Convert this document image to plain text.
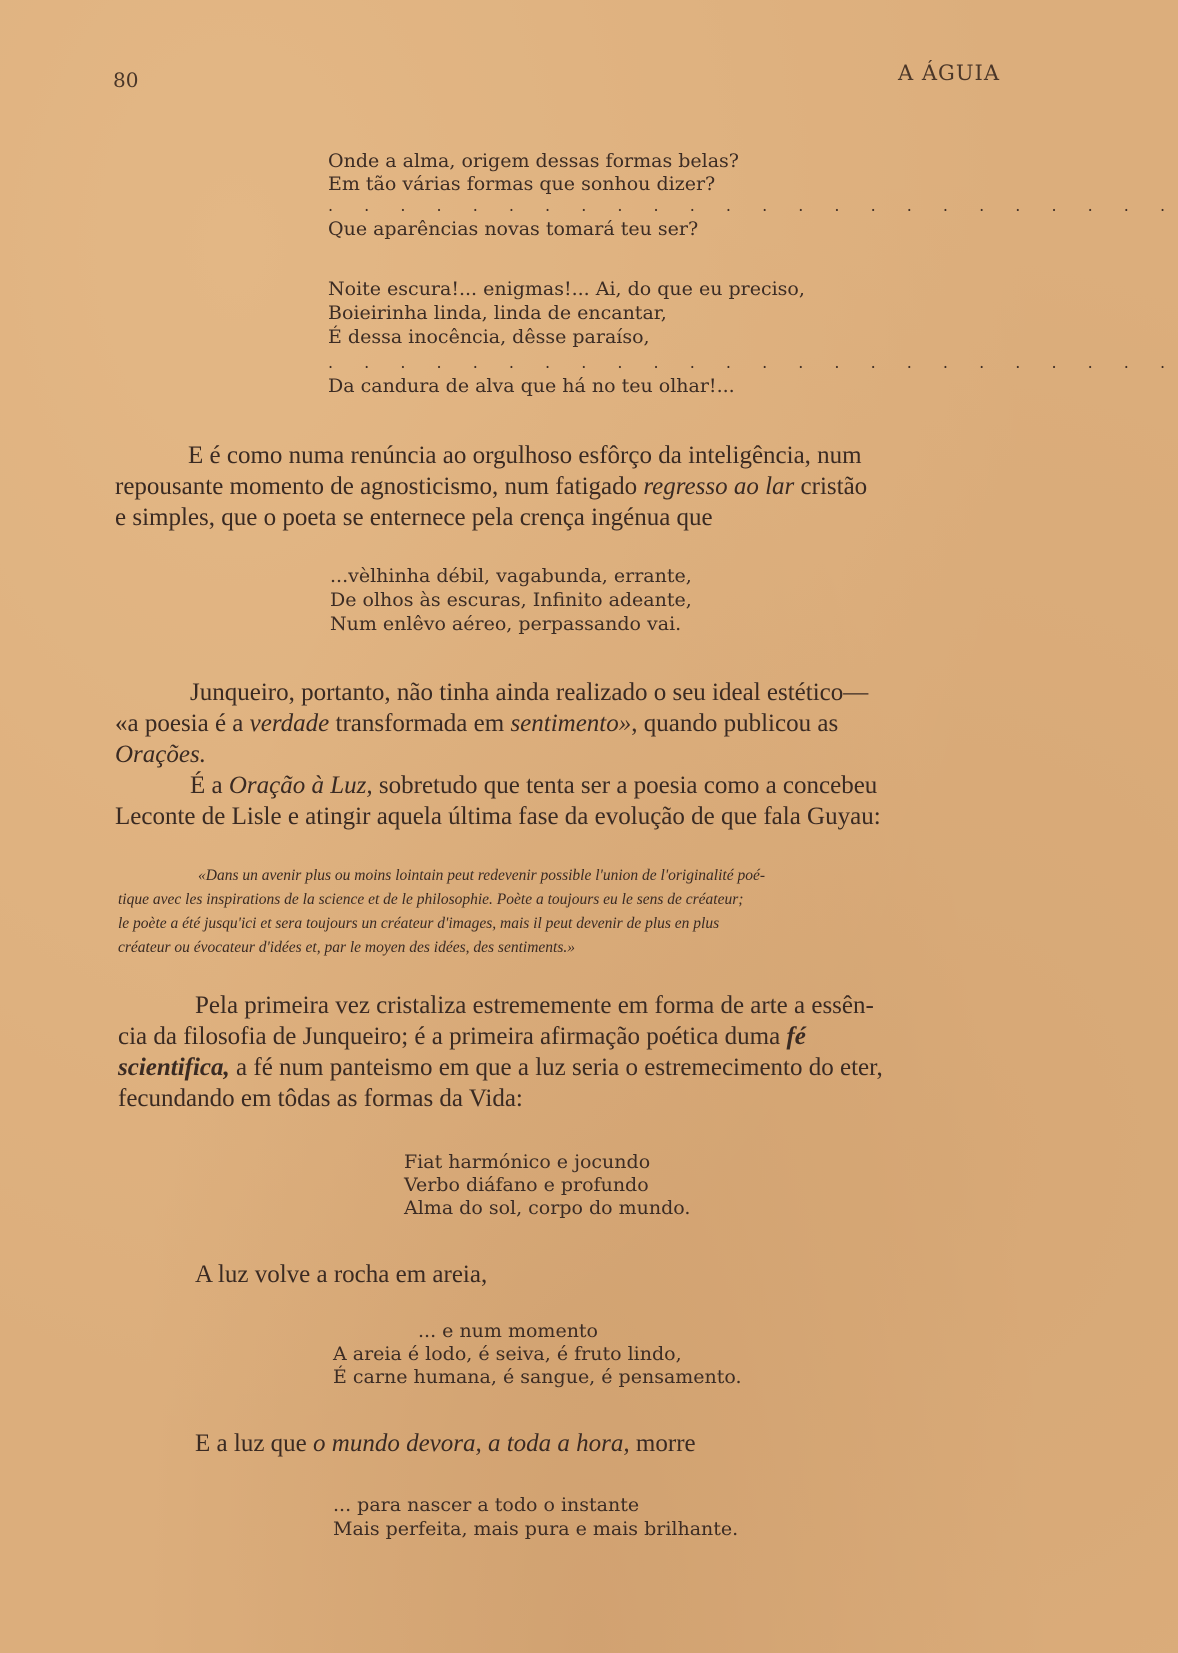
80	A ÁGUIA
Onde a alma, origem dessas formas belas?
Em tão várias formas que sonhou dizer?
. . . . . . . . . . . . . . . . . . . . . . . .
Que aparências novas tomará teu ser?
Noite escura!... enigmas!... Ai, do que eu preciso,
Boieirinha linda, linda de encantar,
É dessa inocência, dêsse paraíso,
. . . . . . . . . . . . . . . . . . . . . . . .
Da candura de alva que há no teu olhar!...
E é como numa renúncia ao orgulhoso esfôrço da inteligência, num
repousante momento de agnosticismo, num fatigado regresso ao lar cristão
e simples, que o poeta se enternece pela crença ingénua que
...vèlhinha débil, vagabunda, errante,
De olhos às escuras, Infinito adeante,
Num enlêvo aéreo, perpassando vai.
Junqueiro, portanto, não tinha ainda realizado o seu ideal estético—
«a poesia é a verdade transformada em sentimento», quando publicou as
Orações.
É a Oração à Luz, sobretudo que tenta ser a poesia como a concebeu
Leconte de Lisle e atingir aquela última fase da evolução de que fala Guyau:
«Dans un avenir plus ou moins lointain peut redevenir possible l'union de l'originalité poé-
tique avec les inspirations de la science et de le philosophie. Poète a toujours eu le sens de créateur;
le poète a été jusqu'ici et sera toujours un créateur d'images, mais il peut devenir de plus en plus
créateur ou évocateur d'idées et, par le moyen des idées, des sentiments.»
Pela primeira vez cristaliza estrememente em forma de arte a essên-
cia da filosofia de Junqueiro; é a primeira afirmação poética duma fé
scientifica, a fé num panteismo em que a luz seria o estremecimento do eter,
fecundando em tôdas as formas da Vida:
Fiat harmónico e jocundo
Verbo diáfano e profundo
Alma do sol, corpo do mundo.
A luz volve a rocha em areia,
... e num momento
A areia é lodo, é seiva, é fruto lindo,
É carne humana, é sangue, é pensamento.
E a luz que o mundo devora, a toda a hora, morre
... para nascer a todo o instante
Mais perfeita, mais pura e mais brilhante.
